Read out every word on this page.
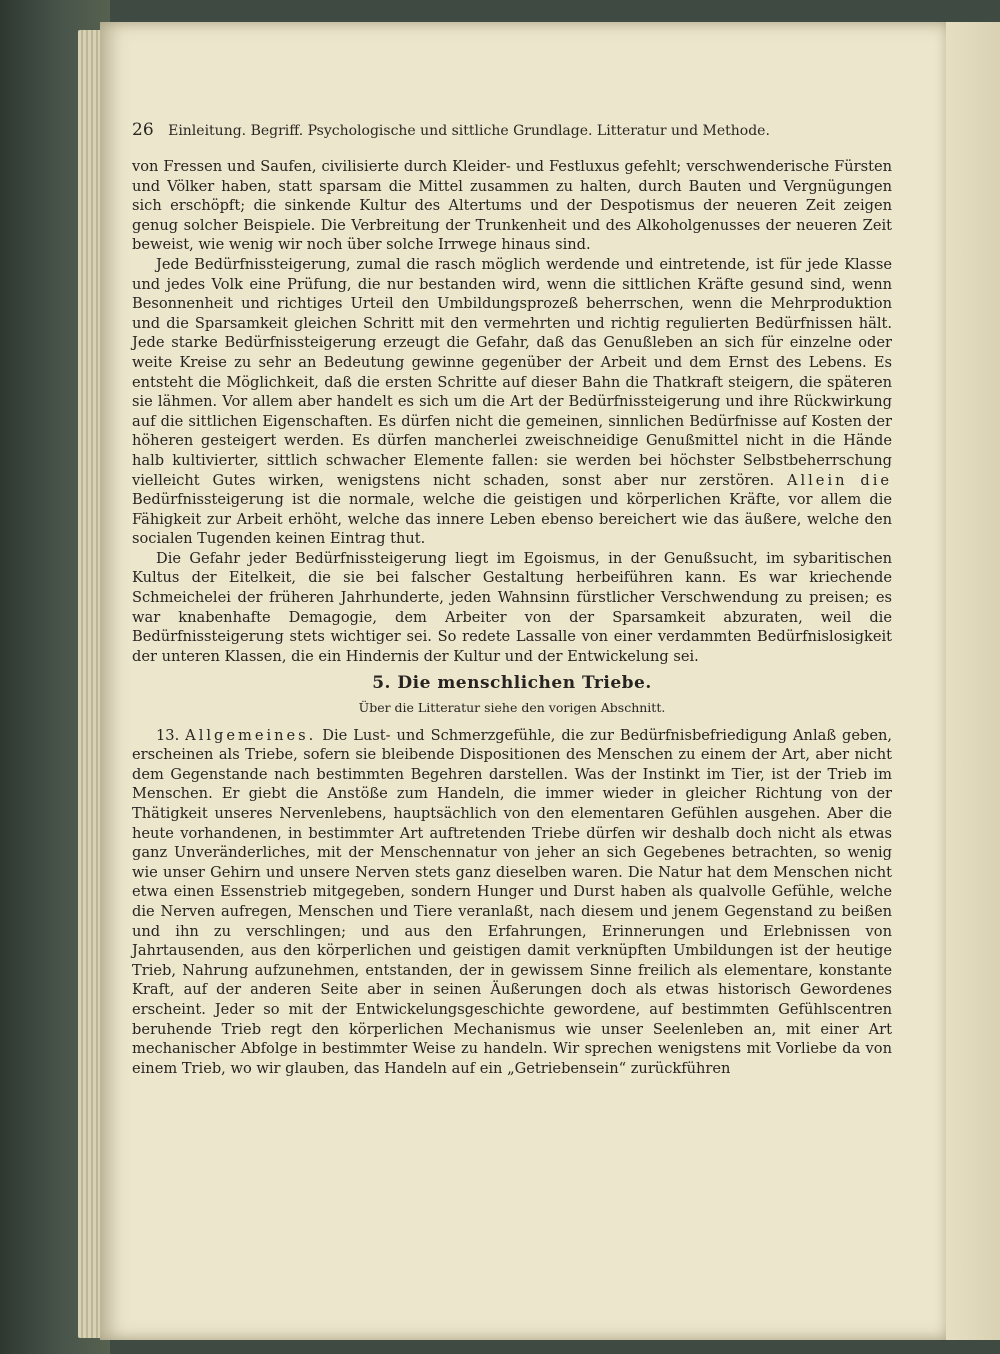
26 Einleitung. Begriff. Psychologische und sittliche Grundlage. Litteratur und Methode.

von Fressen und Saufen, civilisierte durch Kleider- und Festluxus gefehlt; verschwenderische Fürsten und Völker haben, statt sparsam die Mittel zusammen zu halten, durch Bauten und Vergnügungen sich erschöpft; die sinkende Kultur des Altertums und der Despotismus der neueren Zeit zeigen genug solcher Beispiele. Die Verbreitung der Trunkenheit und des Alkoholgenusses der neueren Zeit beweist, wie wenig wir noch über solche Irrwege hinaus sind.

Jede Bedürfnissteigerung, zumal die rasch möglich werdende und eintretende, ist für jede Klasse und jedes Volk eine Prüfung, die nur bestanden wird, wenn die sittlichen Kräfte gesund sind, wenn Besonnenheit und richtiges Urteil den Umbildungsprozeß beherrschen, wenn die Mehrproduktion und die Sparsamkeit gleichen Schritt mit den vermehrten und richtig regulierten Bedürfnissen hält. Jede starke Bedürfnissteigerung erzeugt die Gefahr, daß das Genußleben an sich für einzelne oder weite Kreise zu sehr an Bedeutung gewinne gegenüber der Arbeit und dem Ernst des Lebens. Es entsteht die Möglichkeit, daß die ersten Schritte auf dieser Bahn die Thatkraft steigern, die späteren sie lähmen. Vor allem aber handelt es sich um die Art der Bedürfnissteigerung und ihre Rückwirkung auf die sittlichen Eigenschaften. Es dürfen nicht die gemeinen, sinnlichen Bedürfnisse auf Kosten der höheren gesteigert werden. Es dürfen mancherlei zweischneidige Genußmittel nicht in die Hände halb kultivierter, sittlich schwacher Elemente fallen: sie werden bei höchster Selbstbeherrschung vielleicht Gutes wirken, wenigstens nicht schaden, sonst aber nur zerstören. Allein die Bedürfnissteigerung ist die normale, welche die geistigen und körperlichen Kräfte, vor allem die Fähigkeit zur Arbeit erhöht, welche das innere Leben ebenso bereichert wie das äußere, welche den socialen Tugenden keinen Eintrag thut.

Die Gefahr jeder Bedürfnissteigerung liegt im Egoismus, in der Genußsucht, im sybaritischen Kultus der Eitelkeit, die sie bei falscher Gestaltung herbeiführen kann. Es war kriechende Schmeichelei der früheren Jahrhunderte, jeden Wahnsinn fürstlicher Verschwendung zu preisen; es war knabenhafte Demagogie, dem Arbeiter von der Sparsamkeit abzuraten, weil die Bedürfnissteigerung stets wichtiger sei. So redete Lassalle von einer verdammten Bedürfnislosigkeit der unteren Klassen, die ein Hindernis der Kultur und der Entwickelung sei.

5. Die menschlichen Triebe.
Über die Litteratur siehe den vorigen Abschnitt.

13. Allgemeines. Die Lust- und Schmerzgefühle, die zur Bedürfnisbefriedigung Anlaß geben, erscheinen als Triebe, sofern sie bleibende Dispositionen des Menschen zu einem der Art, aber nicht dem Gegenstande nach bestimmten Begehren darstellen. Was der Instinkt im Tier, ist der Trieb im Menschen. Er giebt die Anstöße zum Handeln, die immer wieder in gleicher Richtung von der Thätigkeit unseres Nervenlebens, hauptsächlich von den elementaren Gefühlen ausgehen. Aber die heute vorhandenen, in bestimmter Art auftretenden Triebe dürfen wir deshalb doch nicht als etwas ganz Unveränderliches, mit der Menschennatur von jeher an sich Gegebenes betrachten, so wenig wie unser Gehirn und unsere Nerven stets ganz dieselben waren. Die Natur hat dem Menschen nicht etwa einen Essenstrieb mitgegeben, sondern Hunger und Durst haben als qualvolle Gefühle, welche die Nerven aufregen, Menschen und Tiere veranlaßt, nach diesem und jenem Gegenstand zu beißen und ihn zu verschlingen; und aus den Erfahrungen, Erinnerungen und Erlebnissen von Jahrtausenden, aus den körperlichen und geistigen damit verknüpften Umbildungen ist der heutige Trieb, Nahrung aufzunehmen, entstanden, der in gewissem Sinne freilich als elementare, konstante Kraft, auf der anderen Seite aber in seinen Äußerungen doch als etwas historisch Gewordenes erscheint. Jeder so mit der Entwickelungsgeschichte gewordene, auf bestimmten Gefühlscentren beruhende Trieb regt den körperlichen Mechanismus wie unser Seelenleben an, mit einer Art mechanischer Abfolge in bestimmter Weise zu handeln. Wir sprechen wenigstens mit Vorliebe da von einem Trieb, wo wir glauben, das Handeln auf ein „Getriebensein“ zurückführen
